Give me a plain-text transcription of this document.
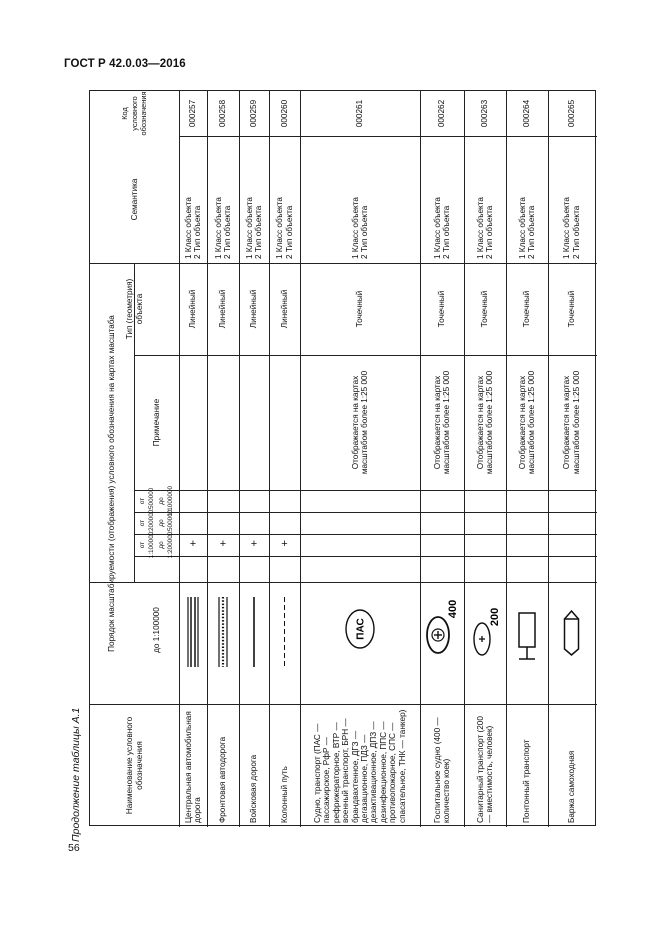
ГОСТ Р 42.0.03—2016
Продолжение таблицы А.1
56
Наименование условного обозначения
Порядок масштабируемости (отображения) условного обозначения на картах масштаба	до 1:100000
от 1:100000 до 1:200000
от 1:200000 до 1:500000
от 1:500000 до 1:1000000
Примечание
Тип (геометрия) объекта
Семантика
Код условного обозначения
Центральная автомобильная дорога
Линейный
1 Класс объекта
2 Тип объекта
000257
+
Фронтовая автодорога
Линейный
1 Класс объекта
2 Тип объекта
000258
+
Войсковая дорога
Линейный
1 Класс объекта
2 Тип объекта
000259
+
Колонный путь
Линейный
1 Класс объекта
2 Тип объекта
000260
+
Судно, транспорт (ПАС — пассажирское, РфР — рефрижераторное, ВТР — военный транспорт, БРН — брандвахтенное, ДГЗ — дегазационное, ПДЗ — дезактивационное, ДПЗ — дезинфекционное, ППС — противопожарное, СПС — спасательное, ТНК — танкер)
Точечный
1 Класс объекта
2 Тип объекта
000261
Отображается на картах масштабом более 1:25 000
ПАС
Госпитальное судно (400 — количество коек)
Точечный
1 Класс объекта
2 Тип объекта
000262
Отображается на картах масштабом более 1:25 000
400
Санитарный транспорт (200 — вместимость, человек)
Точечный
1 Класс объекта
2 Тип объекта
000263
Отображается на картах масштабом более 1:25 000
200
Понтонный транспорт
Точечный
1 Класс объекта
2 Тип объекта
000264
Отображается на картах масштабом более 1:25 000
Баржа самоходная
Точечный
1 Класс объекта
2 Тип объекта
000265
Отображается на картах масштабом более 1:25 000
